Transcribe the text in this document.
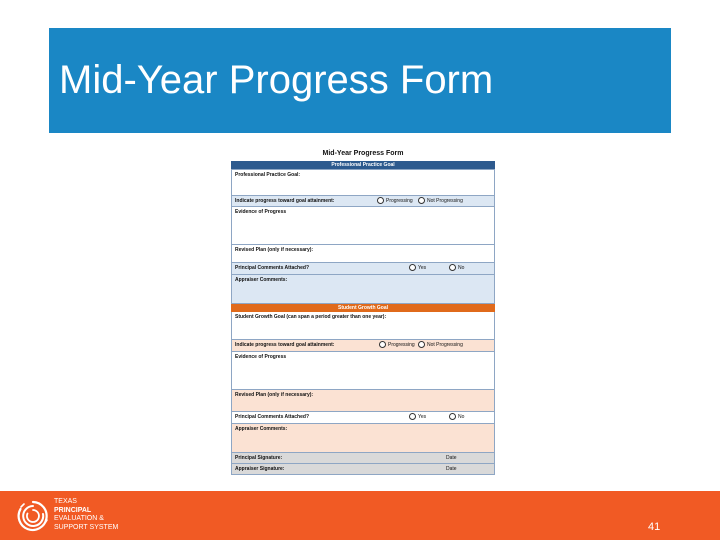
Mid-Year Progress Form
Mid-Year Progress Form
Professional Practice Goal
Professional Practice Goal:
Indicate progress toward goal attainment:	Progressing	Not Progressing
Evidence of Progress
Revised Plan (only if necessary):
Principal Comments Attached?	Yes	No
Appraiser Comments:
Student Growth Goal
Student Growth Goal (can span a period greater than one year):
Indicate progress toward goal attainment:	Progressing	Not Progressing
Evidence of Progress
Revised Plan (only if necessary):
Principal Comments Attached?	Yes	No
Appraiser Comments:
Principal Signature:	Date
Appraiser Signature:	Date
TEXAS
PRINCIPAL
EVALUATION &
SUPPORT SYSTEM	41
